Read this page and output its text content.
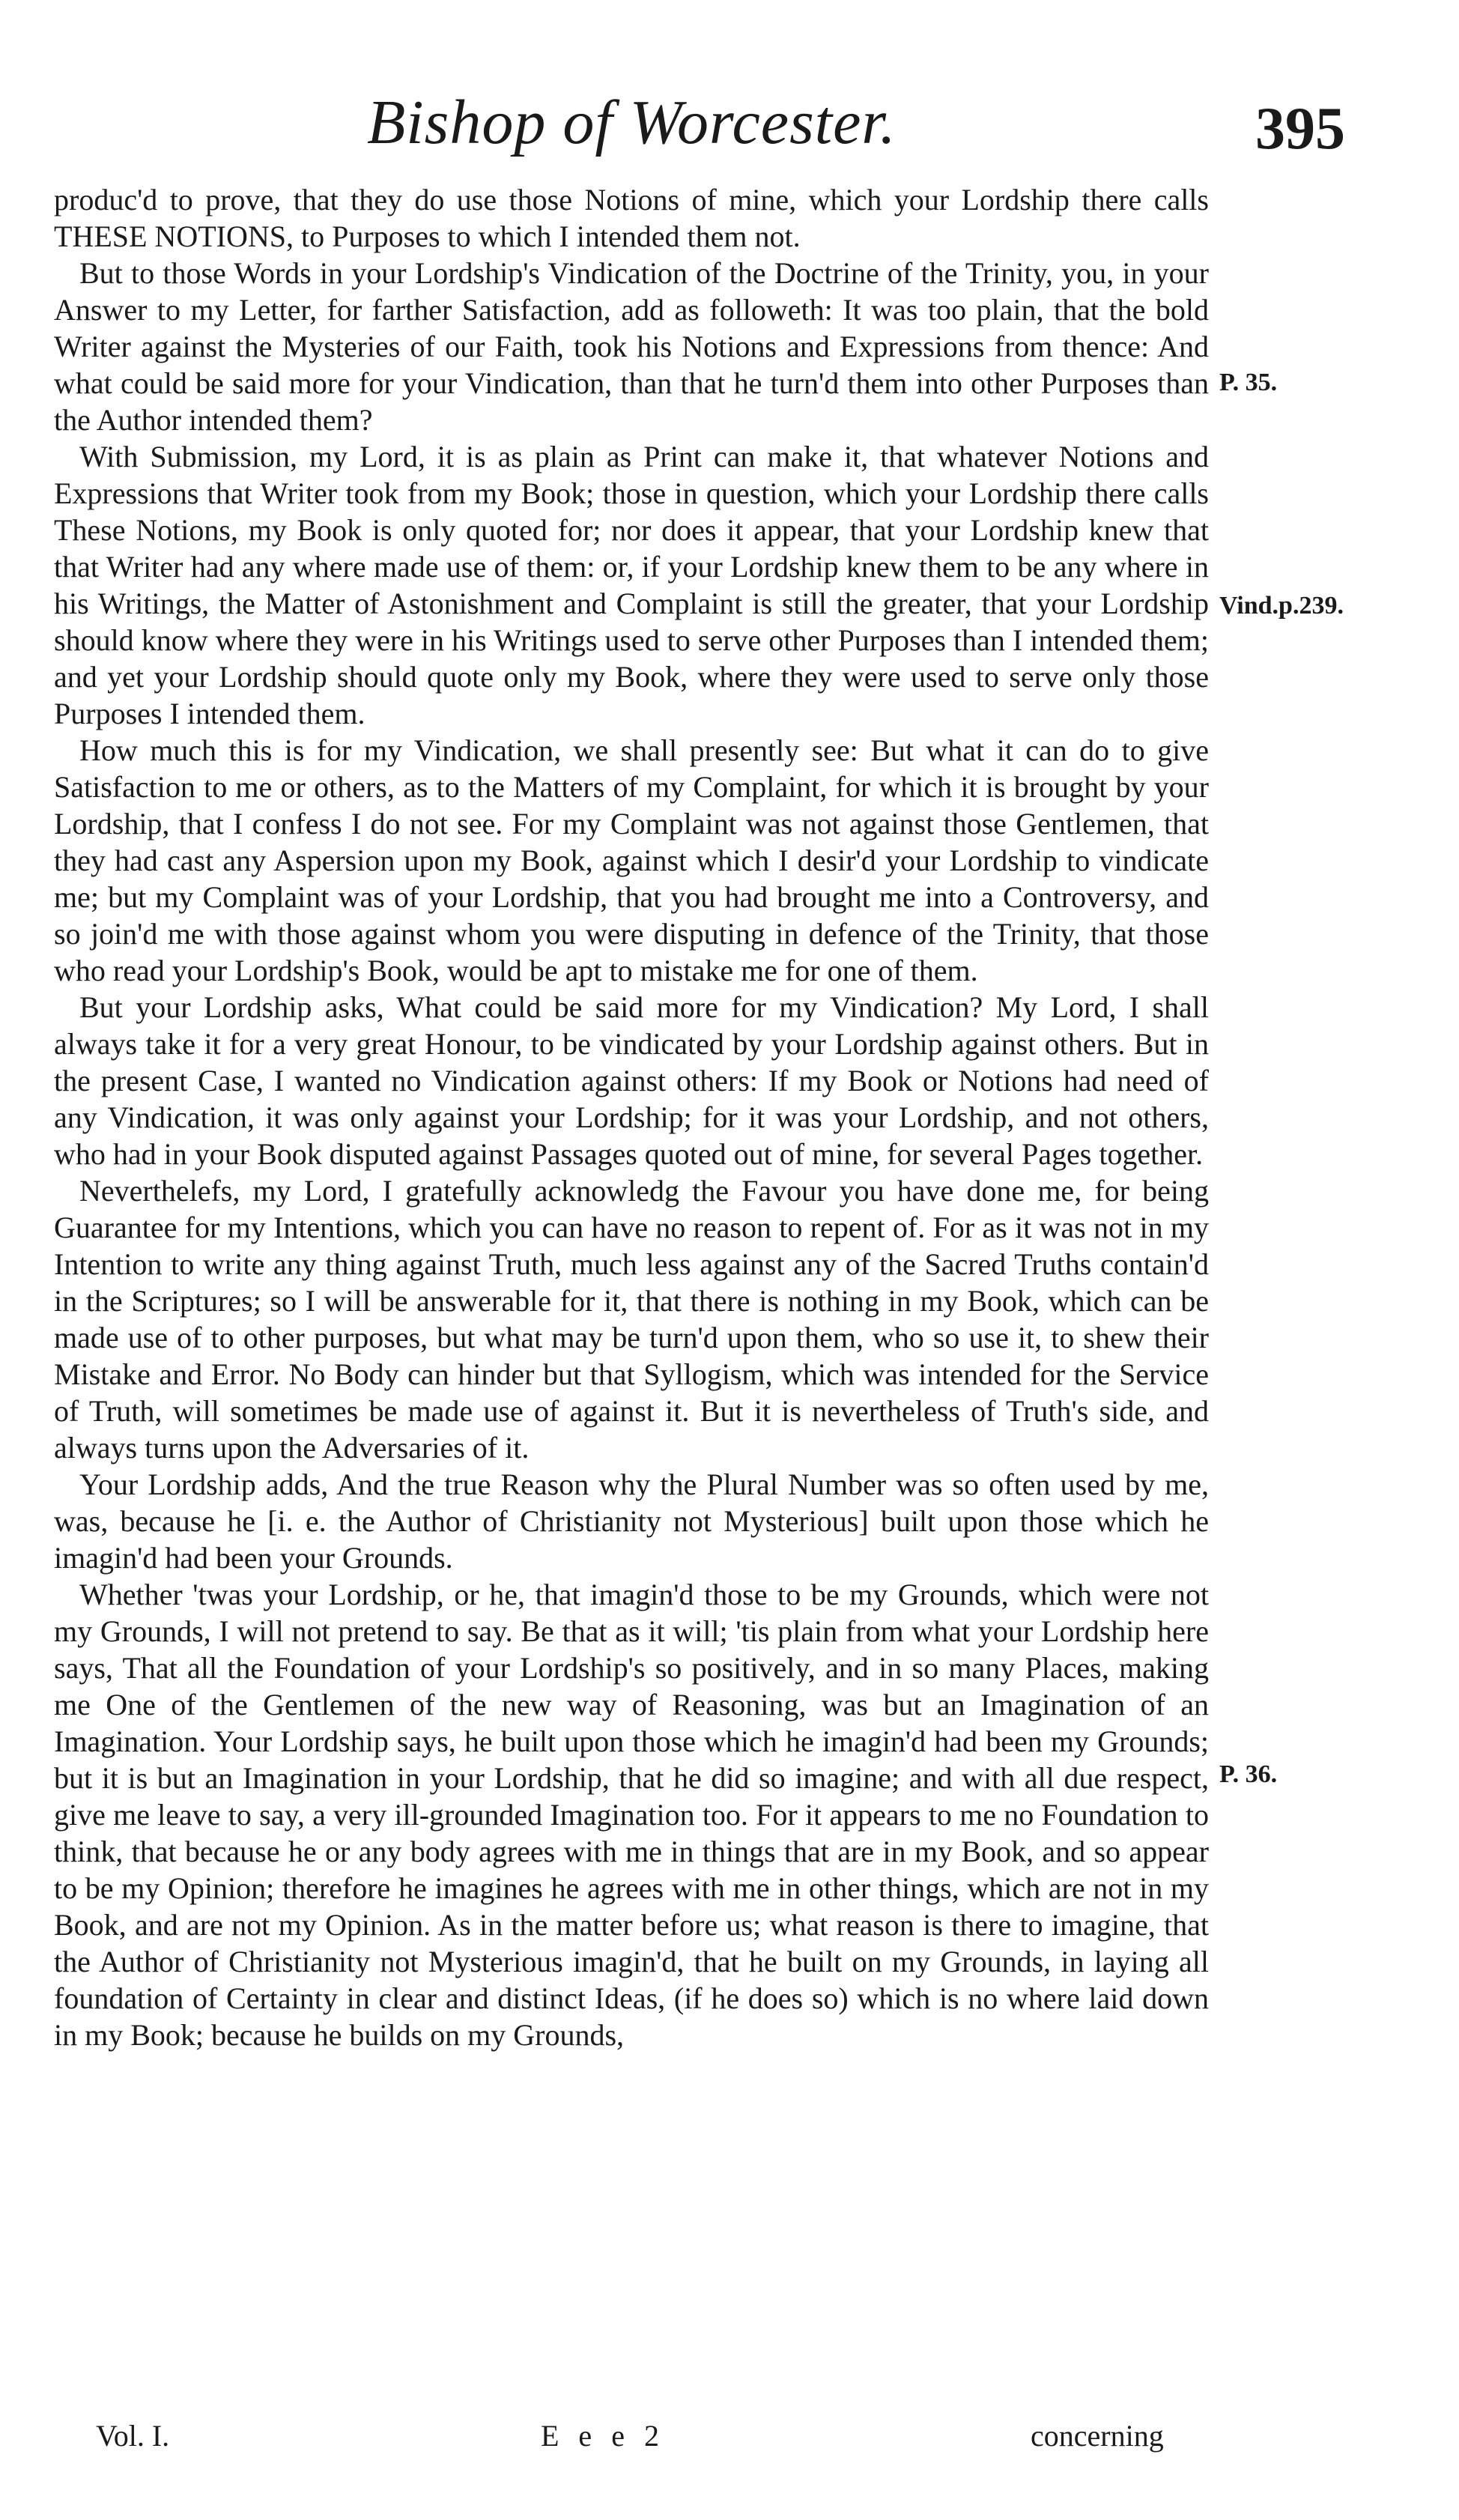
Bishop of Worcester.	395

produc'd to prove, that they do use those Notions of mine, which your Lordship there calls THESE NOTIONS, to Purposes to which I intended them not.

But to those Words in your Lordship's Vindication of the Doctrine of the Trinity, you, in your Answer to my Letter, for farther Satisfaction, add as followeth: It was too plain, that the bold Writer against the Mysteries of our Faith, took his Notions and Expressions from thence: And what could be said more for your Vindication, than that he turn'd them into other Purposes than the Author intended them?

With Submission, my Lord, it is as plain as Print can make it, that whatever Notions and Expressions that Writer took from my Book; those in question, which your Lordship there calls These Notions, my Book is only quoted for; nor does it appear, that your Lordship knew that that Writer had any where made use of them: or, if your Lordship knew them to be any where in his Writings, the Matter of Astonishment and Complaint is still the greater, that your Lordship should know where they were in his Writings used to serve other Purposes than I intended them; and yet your Lordship should quote only my Book, where they were used to serve only those Purposes I intended them.

How much this is for my Vindication, we shall presently see: But what it can do to give Satisfaction to me or others, as to the Matters of my Complaint, for which it is brought by your Lordship, that I confess I do not see. For my Complaint was not against those Gentlemen, that they had cast any Aspersion upon my Book, against which I desir'd your Lordship to vindicate me; but my Complaint was of your Lordship, that you had brought me into a Controversy, and so join'd me with those against whom you were disputing in defence of the Trinity, that those who read your Lordship's Book, would be apt to mistake me for one of them.

But your Lordship asks, What could be said more for my Vindication? My Lord, I shall always take it for a very great Honour, to be vindicated by your Lordship against others. But in the present Case, I wanted no Vindication against others: If my Book or Notions had need of any Vindication, it was only against your Lordship; for it was your Lordship, and not others, who had in your Book disputed against Passages quoted out of mine, for several Pages together.

Neverthelefs, my Lord, I gratefully acknowledg the Favour you have done me, for being Guarantee for my Intentions, which you can have no reason to repent of. For as it was not in my Intention to write any thing against Truth, much less against any of the Sacred Truths contain'd in the Scriptures; so I will be answerable for it, that there is nothing in my Book, which can be made use of to other purposes, but what may be turn'd upon them, who so use it, to shew their Mistake and Error. No Body can hinder but that Syllogism, which was intended for the Service of Truth, will sometimes be made use of against it. But it is nevertheless of Truth's side, and always turns upon the Adversaries of it.

Your Lordship adds, And the true Reason why the Plural Number was so often used by me, was, because he [i. e. the Author of Christianity not Mysterious] built upon those which he imagin'd had been your Grounds.

Whether 'twas your Lordship, or he, that imagin'd those to be my Grounds, which were not my Grounds, I will not pretend to say. Be that as it will; 'tis plain from what your Lordship here says, That all the Foundation of your Lordship's so positively, and in so many Places, making me One of the Gentlemen of the new way of Reasoning, was but an Imagination of an Imagination. Your Lordship says, he built upon those which he imagin'd had been my Grounds; but it is but an Imagination in your Lordship, that he did so imagine; and with all due respect, give me leave to say, a very ill-grounded Imagination too. For it appears to me no Foundation to think, that because he or any body agrees with me in things that are in my Book, and so appear to be my Opinion; therefore he imagines he agrees with me in other things, which are not in my Book, and are not my Opinion. As in the matter before us; what reason is there to imagine, that the Author of Christianity not Mysterious imagin'd, that he built on my Grounds, in laying all foundation of Certainty in clear and distinct Ideas, (if he does so) which is no where laid down in my Book; because he builds on my Grounds,

P. 35.
Vind.p.239.
P. 36.
Vol. I.	E e e 2	concerning
